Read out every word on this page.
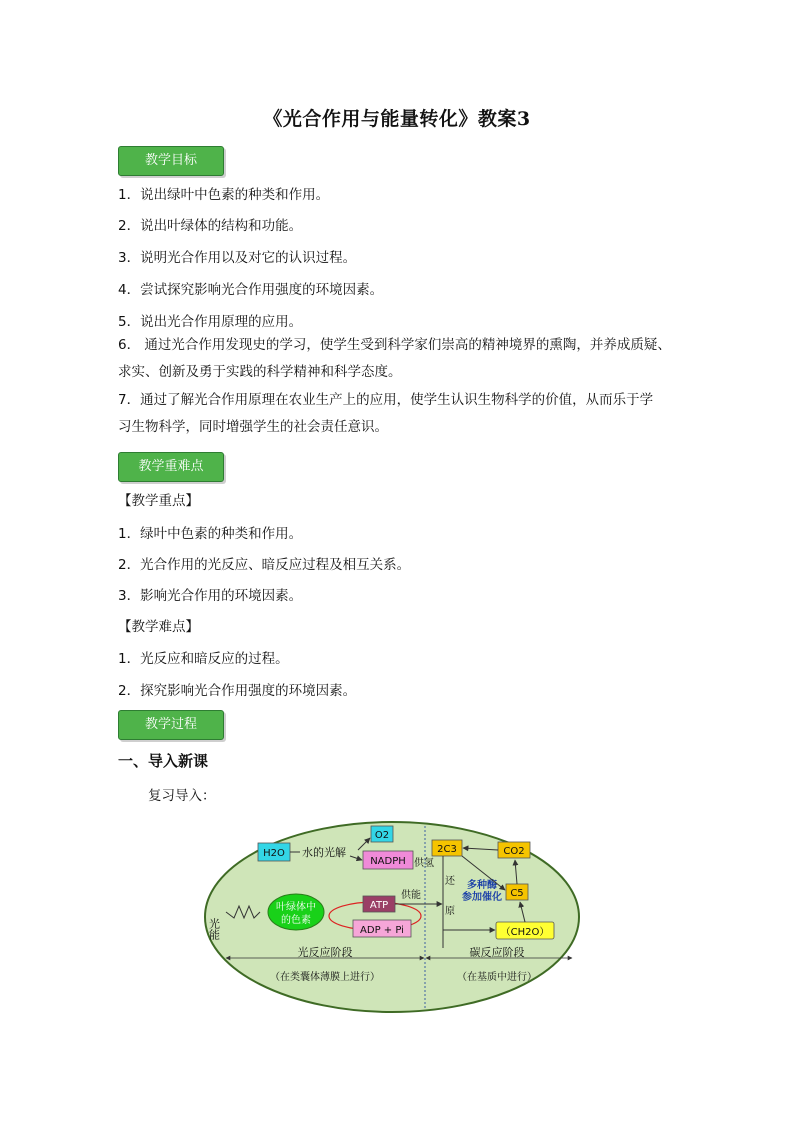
《光合作用与能量转化》教案3
教学目标
1．说出绿叶中色素的种类和作用。
2．说出叶绿体的结构和功能。
3．说明光合作用以及对它的认识过程。
4．尝试探究影响光合作用强度的环境因素。
5．说出光合作用原理的应用。
6． 通过光合作用发现史的学习，使学生受到科学家们崇高的精神境界的熏陶，并养成质疑、
求实、创新及勇于实践的科学精神和科学态度。
7．通过了解光合作用原理在农业生产上的应用，使学生认识生物科学的价值，从而乐于学
习生物科学，同时增强学生的社会责任意识。
教学重难点
【教学重点】
1．绿叶中色素的种类和作用。
2．光合作用的光反应、暗反应过程及相互关系。
3．影响光合作用的环境因素。
【教学难点】
1．光反应和暗反应的过程。
2．探究影响光合作用强度的环境因素。
教学过程
一、导入新课
复习导入：
H2O 水的光解
O2
NADPH 供氢
光能
叶绿体中
的色素
ATP
ADP + Pi
供能
2C3	CO2
还
原
多种酶
参加催化 C5
（CH2O）
光反应阶段
（在类囊体薄膜上进行）
碳反应阶段
（在基质中进行）
